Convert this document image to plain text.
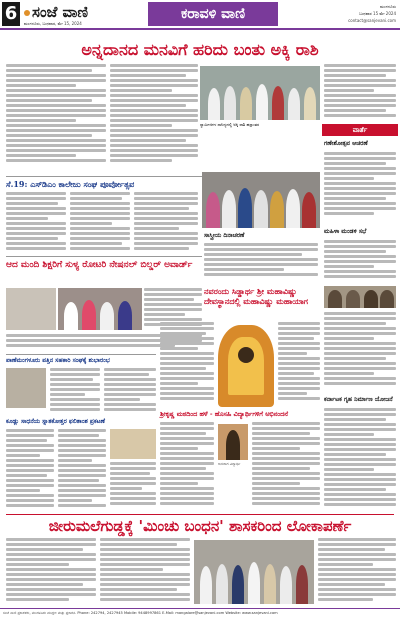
6 ಸಂಜೆ ವಾಣಿ
ಮಂಗಳೂರು, ಬುಧವಾರ, ಮೇ 15, 2024
ಕರಾವಳಿ ವಾಣಿ	ಮಂಗಳೂರು
ಬುಧವಾರ 15 ಮೇ 2024
contact@sanjevani.com
ಅನ್ನದಾನದ ಮನವಿಗೆ ಹರಿದು ಬಂತು ಅಕ್ಕಿ ರಾಶಿ
ಸ್ವಾಮೀಜಿಗಳ ಸಾನಿಧ್ಯದಲ್ಲಿ ಅಕ್ಕಿ ರಾಶಿ ಹಸ್ತಾಂತರ
ವಾರ್ತೆ
ಸೆ.19: ಎಸ್‍ಡಿಎಂ ಕಾಲೇಜು ಸಂಘ ಪೂರ್ವೋತ್ಸವ
ಗಣೇಶೋತ್ಸವ ಆಚರಣೆ
ಆದ ಮಂದಿ ಶಿಕ್ಷರಿಗೆ ಸುಳ್ಯ ರೋಟರಿ ನೇಷನಲ್ ಬಿಲ್ಡರ್ ಅವಾರ್ಡ್
ಸಾಸ್ತ್ರೀಯ ದಿನಾಚರಣೆ
ನವರಂದು ಸಿಡ್ಡಾರ್ಥ ಶ್ರೀ ಮಹಾವಿಷ್ಣು ದೇವಸ್ಥಾನದಲ್ಲಿ ಮಹಾವಿಷ್ಣು ಮಹಾಯಾಗ
ಮಹಿಳಾ ಮಂಡಳಿ ಸಭೆ
ಪಾಣೆಮಂಗಳೂರು ಪತ್ತಿನ ಸಹಕಾರಿ ಸಂಘಕ್ಕೆ ಶುಭಾರಂಭ
ಕೂಡ್ಲು ಸಾಧನೆಯ ಸ್ನಾತಕೋತ್ತರ ಫಲಿತಾಂಶ ಪ್ರಕಟಣೆ
ಶ್ರೀಕೃಷ್ಣ ಮಠದಿಂದ ಹಳೆ - ಹೊಸಹಿ ವಿದ್ಯಾರ್ಥಿಗಳಿಗೆ ಅಭಿನಂದನೆ
ಅನುರಾಗ ವಿದ್ಯಾರ್ಥಿ
ಕರ್ನಾಟಕ ಗೃಹ ನಿರ್ಮಾಣ ಯೋಜನೆ
ಜೀರುಮಲೆಗುಡ್ಡಕ್ಕೆ 'ಮಿಂಚು ಬಂಧನ' ಶಾಸಕರಿಂದ ಲೋಕಾಪರ್ಣೆ
ಸಂಜೆ ವಾಣಿ ಪ್ರಕಾಶಕರು, ಮಂಗಳೂರು ಮುದ್ರಣ ಮತ್ತು ಪ್ರಕಾಶನ. Phone: 242794, 2427945 Mobile: 9448997861 E-Mail: mangalore@sanjevani.com Website: www.sanjevani.com
